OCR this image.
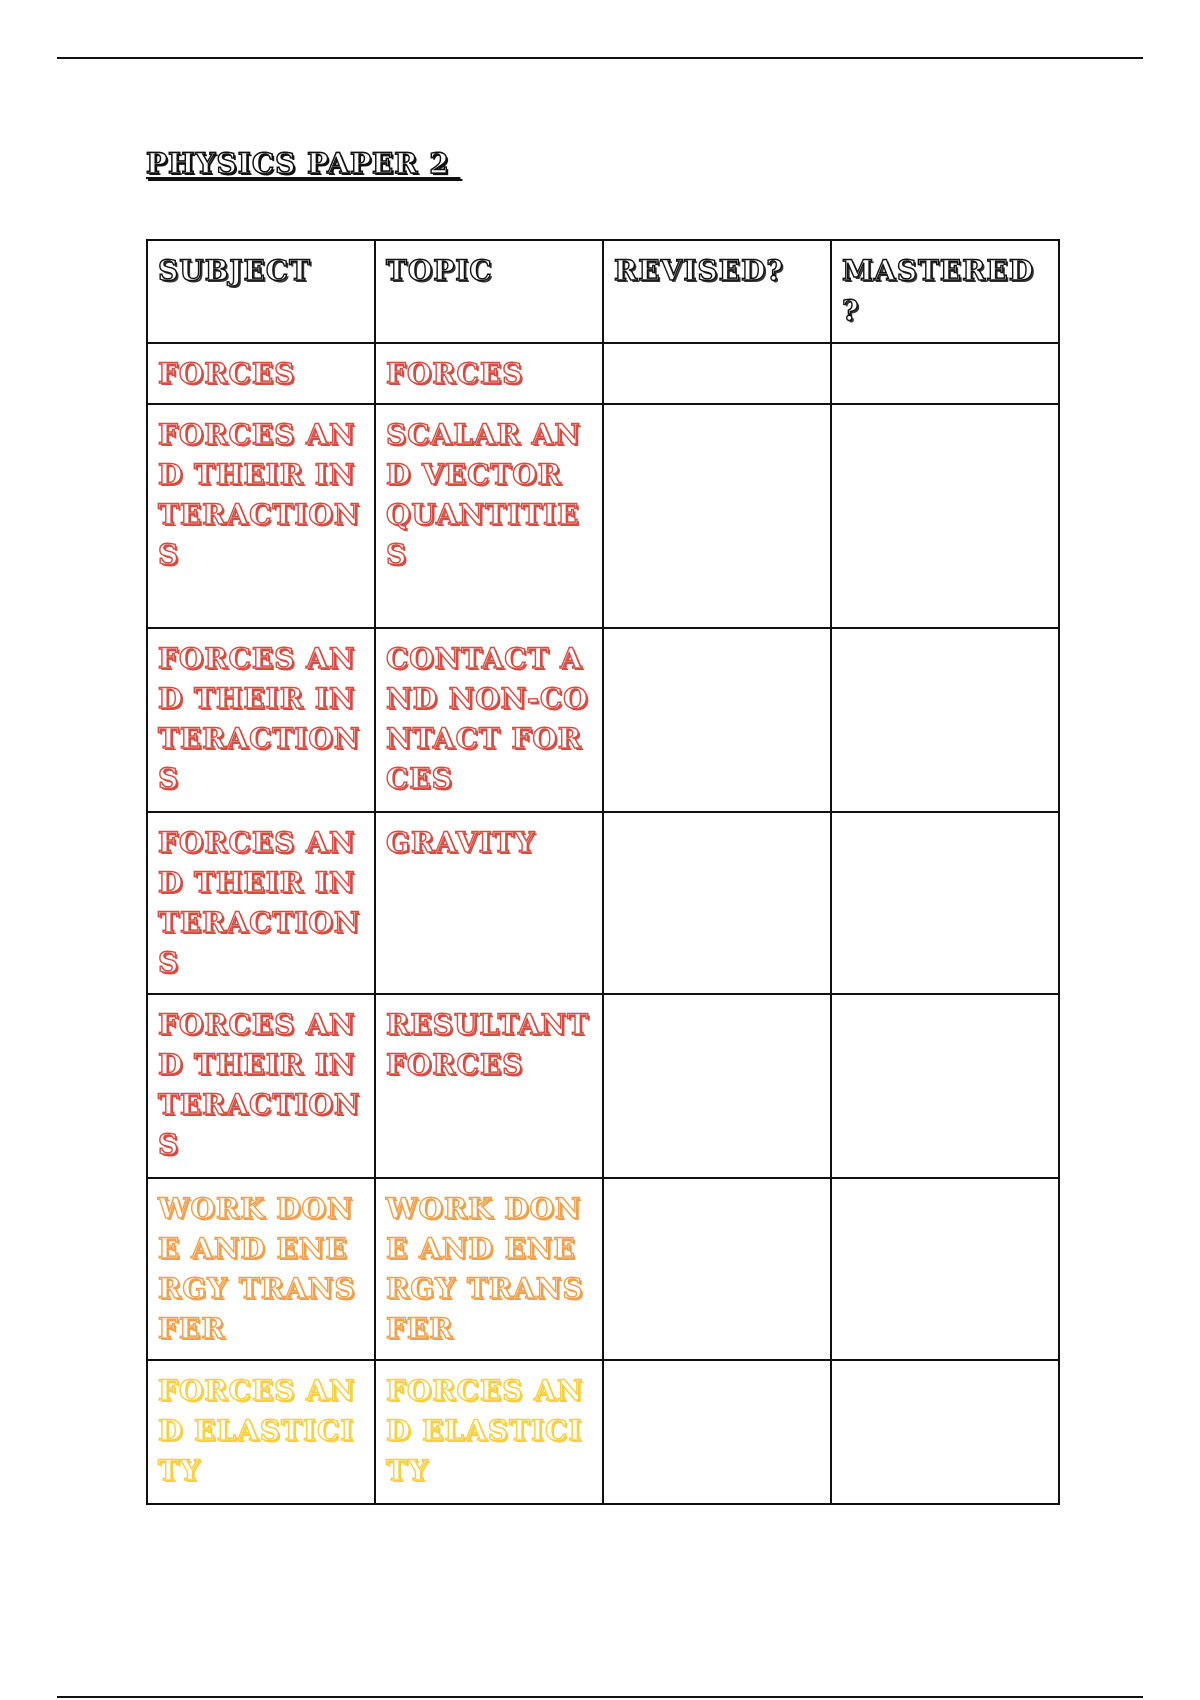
PHYSICS PAPER 2
SUBJECT	TOPIC	REVISED?	MASTERED ?
FORCES	FORCES		
FORCES AND THEIR INTERACTIONS	SCALAR AND VECTOR QUANTITIES		
FORCES AND THEIR INTERACTIONS	CONTACT AND NON-CONTACT FORCES		
FORCES AND THEIR INTERACTIONS	GRAVITY		
FORCES AND THEIR INTERACTIONS	RESULTANT FORCES		
WORK DONE AND ENERGY TRANSFER	WORK DONE AND ENERGY TRANSFER		
FORCES AND ELASTICITY	FORCES AND ELASTICITY		
